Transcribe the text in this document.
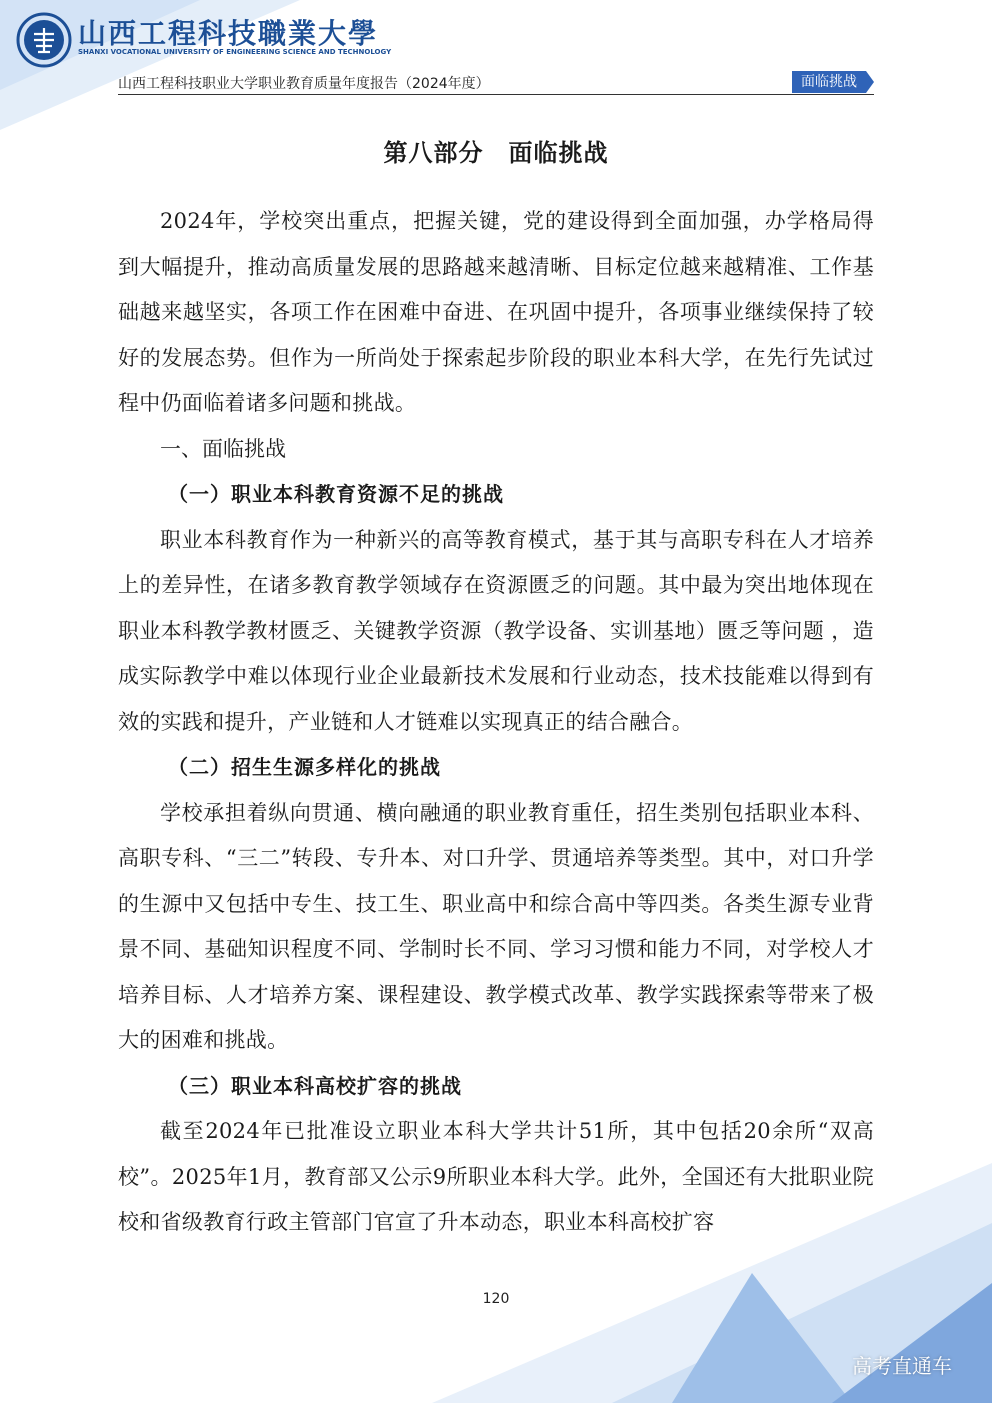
山西工程科技職業大學
SHANXI VOCATIONAL UNIVERSITY OF ENGINEERING SCIENCE AND TECHNOLOGY
山西工程科技职业大学职业教育质量年度报告（2024年度）	面临挑战
第八部分　面临挑战

2024年，学校突出重点，把握关键，党的建设得到全面加强，办学格局得到大幅提升，推动高质量发展的思路越来越清晰、目标定位越来越精准、工作基础越来越坚实，各项工作在困难中奋进、在巩固中提升，各项事业继续保持了较好的发展态势。但作为一所尚处于探索起步阶段的职业本科大学，在先行先试过程中仍面临着诸多问题和挑战。

一、面临挑战

（一）职业本科教育资源不足的挑战

职业本科教育作为一种新兴的高等教育模式，基于其与高职专科在人才培养上的差异性，在诸多教育教学领域存在资源匮乏的问题。其中最为突出地体现在职业本科教学教材匮乏、关键教学资源（教学设备、实训基地）匮乏等问题 ，造成实际教学中难以体现行业企业最新技术发展和行业动态，技术技能难以得到有效的实践和提升，产业链和人才链难以实现真正的结合融合。

（二）招生生源多样化的挑战

学校承担着纵向贯通、横向融通的职业教育重任，招生类别包括职业本科、高职专科、“三二”转段、专升本、对口升学、贯通培养等类型。其中，对口升学的生源中又包括中专生、技工生、职业高中和综合高中等四类。各类生源专业背景不同、基础知识程度不同、学制时长不同、学习习惯和能力不同，对学校人才培养目标、人才培养方案、课程建设、教学模式改革、教学实践探索等带来了极大的困难和挑战。

（三）职业本科高校扩容的挑战

截至2024年已批准设立职业本科大学共计51所，其中包括20余所“双高校”。2025年1月，教育部又公示9所职业本科大学。此外，全国还有大批职业院校和省级教育行政主管部门官宣了升本动态，职业本科高校扩容

120
高考直通车
